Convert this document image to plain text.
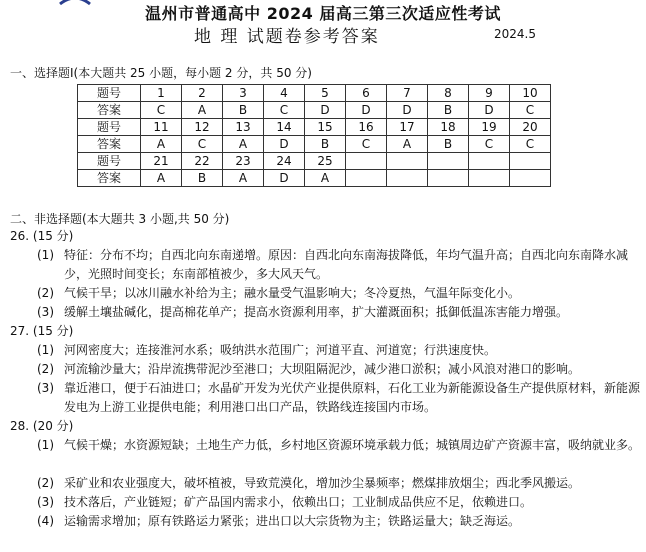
温州市普通高中 2024 届高三第三次适应性考试
地 理 试题卷参考答案	2024.5
一、选择题Ⅰ(本大题共 25 小题，每小题 2 分，共 50 分)
题号	1	2	3	4	5	6	7	8	9	10
答案	C	A	B	C	D	D	D	B	D	C
题号	11	12	13	14	15	16	17	18	19	20
答案	A	C	A	D	B	C	A	B	C	C
题号	21	22	23	24	25					
答案	A	B	A	D	A					
二、非选择题(本大题共 3 小题,共 50 分)
26. (15 分)
(1) 特征：分布不均；自西北向东南递增。原因：自西北向东南海拔降低，年均气温升高；自西北向东南降水减少，光照时间变长；东南部植被少，多大风天气。
(2) 气候干旱；以冰川融水补给为主；融水量受气温影响大；冬冷夏热，气温年际变化小。
(3) 缓解土壤盐碱化，提高棉花单产；提高水资源利用率，扩大灌溉面积；抵御低温冻害能力增强。
27. (15 分)
(1) 河网密度大；连接淮河水系；吸纳洪水范围广；河道平直、河道宽；行洪速度快。
(2) 河流输沙量大；沿岸流携带泥沙至港口；大坝阻隔泥沙，减少港口淤积；减小风浪对港口的影响。
(3) 靠近港口，便于石油进口；水晶矿开发为光伏产业提供原料，石化工业为新能源设备生产提供原材料，新能源发电为上游工业提供电能；利用港口出口产品，铁路线连接国内市场。
28. (20 分)
(1) 气候干燥；水资源短缺；土地生产力低，乡村地区资源环境承载力低；城镇周边矿产资源丰富，吸纳就业多。
(2) 采矿业和农业强度大，破坏植被，导致荒漠化，增加沙尘暴频率；燃煤排放烟尘；西北季风搬运。
(3) 技术落后，产业链短；矿产品国内需求小，依赖出口；工业制成品供应不足，依赖进口。
(4) 运输需求增加；原有铁路运力紧张；进出口以大宗货物为主；铁路运量大；缺乏海运。
